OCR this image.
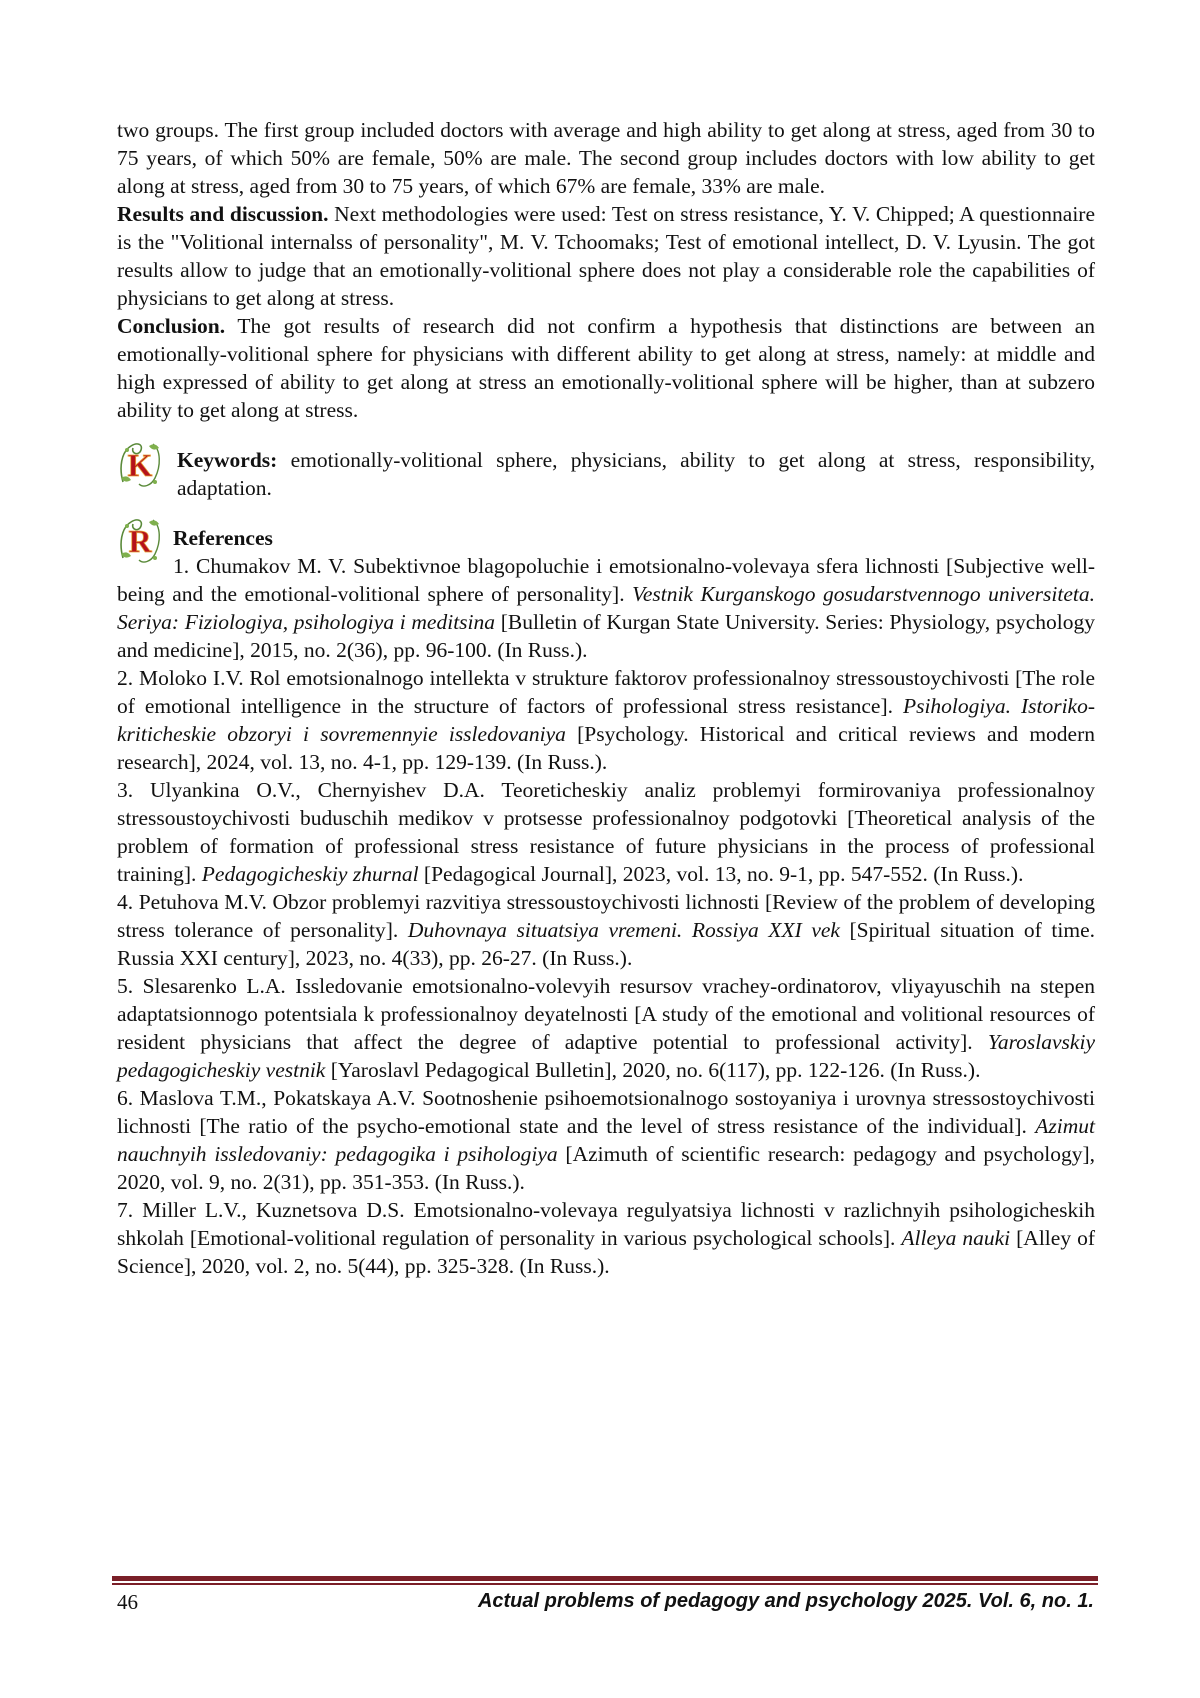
two groups. The first group included doctors with average and high ability to get along at stress, aged from 30 to 75 years, of which 50% are female, 50% are male. The second group includes doctors with low ability to get along at stress, aged from 30 to 75 years, of which 67% are female, 33% are male.

Results and discussion. Next methodologies were used: Test on stress resistance, Y. V. Chipped; A questionnaire is the "Volitional internalss of personality", M. V. Tchoomaks; Test of emotional intellect, D. V. Lyusin. The got results allow to judge that an emotionally-volitional sphere does not play a considerable role the capabilities of physicians to get along at stress.

Conclusion. The got results of research did not confirm a hypothesis that distinctions are between an emotionally-volitional sphere for physicians with different ability to get along at stress, namely: at middle and high expressed of ability to get along at stress an emotionally-volitional sphere will be higher, than at subzero ability to get along at stress.

K Keywords: emotionally-volitional sphere, physicians, ability to get along at stress, responsibility, adaptation.

R References

1. Chumakov M. V. Subektivnoe blagopoluchie i emotsionalno-volevaya sfera lichnosti [Subjective well-being and the emotional-volitional sphere of personality]. Vestnik Kurganskogo gosudarstvennogo universiteta. Seriya: Fiziologiya, psihologiya i meditsina [Bulletin of Kurgan State University. Series: Physiology, psychology and medicine], 2015, no. 2(36), pp. 96-100. (In Russ.).

2. Moloko I.V. Rol emotsionalnogo intellekta v strukture faktorov professionalnoy stressoustoychivosti [The role of emotional intelligence in the structure of factors of professional stress resistance]. Psihologiya. Istoriko-kriticheskie obzoryi i sovremennyie issledovaniya [Psychology. Historical and critical reviews and modern research], 2024, vol. 13, no. 4-1, pp. 129-139. (In Russ.).

3. Ulyankina O.V., Chernyishev D.A. Teoreticheskiy analiz problemyi formirovaniya professionalnoy stressoustoychivosti buduschih medikov v protsesse professionalnoy podgotovki [Theoretical analysis of the problem of formation of professional stress resistance of future physicians in the process of professional training]. Pedagogicheskiy zhurnal [Pedagogical Journal], 2023, vol. 13, no. 9-1, pp. 547-552. (In Russ.).

4. Petuhova M.V. Obzor problemyi razvitiya stressoustoychivosti lichnosti [Review of the problem of developing stress tolerance of personality]. Duhovnaya situatsiya vremeni. Rossiya XXI vek [Spiritual situation of time. Russia XXI century], 2023, no. 4(33), pp. 26-27. (In Russ.).

5. Slesarenko L.A. Issledovanie emotsionalno-volevyih resursov vrachey-ordinatorov, vliyayuschih na stepen adaptatsionnogo potentsiala k professionalnoy deyatelnosti [A study of the emotional and volitional resources of resident physicians that affect the degree of adaptive potential to professional activity]. Yaroslavskiy pedagogicheskiy vestnik [Yaroslavl Pedagogical Bulletin], 2020, no. 6(117), pp. 122-126. (In Russ.).

6. Maslova T.M., Pokatskaya A.V. Sootnoshenie psihoemotsionalnogo sostoyaniya i urovnya stressostoychivosti lichnosti [The ratio of the psycho-emotional state and the level of stress resistance of the individual]. Azimut nauchnyih issledovaniy: pedagogika i psihologiya [Azimuth of scientific research: pedagogy and psychology], 2020, vol. 9, no. 2(31), pp. 351-353. (In Russ.).

7. Miller L.V., Kuznetsova D.S. Emotsionalno-volevaya regulyatsiya lichnosti v razlichnyih psihologicheskih shkolah [Emotional-volitional regulation of personality in various psychological schools]. Alleya nauki [Alley of Science], 2020, vol. 2, no. 5(44), pp. 325-328. (In Russ.).

46	Actual problems of pedagogy and psychology 2025. Vol. 6, no. 1.
